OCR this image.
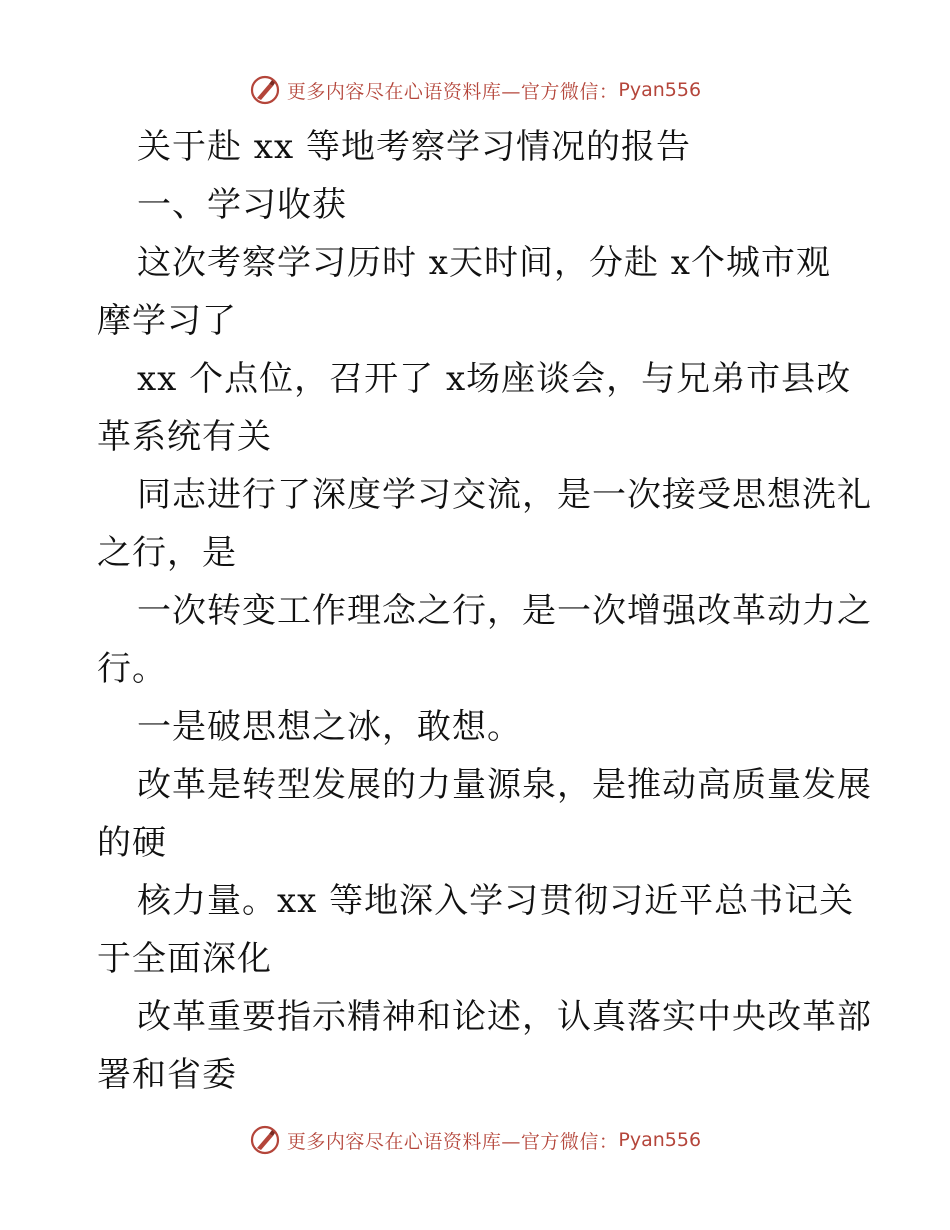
更多内容尽在心语资料库—官方微信： Pyan556
关于赴 xx 等地考察学习情况的报告
一、学习收获
这次考察学习历时 x天时间，分赴 x个城市观
摩学习了
xx 个点位，召开了 x场座谈会，与兄弟市县改
革系统有关
同志进行了深度学习交流，是一次接受思想洗礼
之行，是
一次转变工作理念之行，是一次增强改革动力之
行。
一是破思想之冰，敢想。
改革是转型发展的力量源泉，是推动高质量发展
的硬
核力量。xx 等地深入学习贯彻习近平总书记关
于全面深化
改革重要指示精神和论述，认真落实中央改革部
署和省委
更多内容尽在心语资料库—官方微信： Pyan556
